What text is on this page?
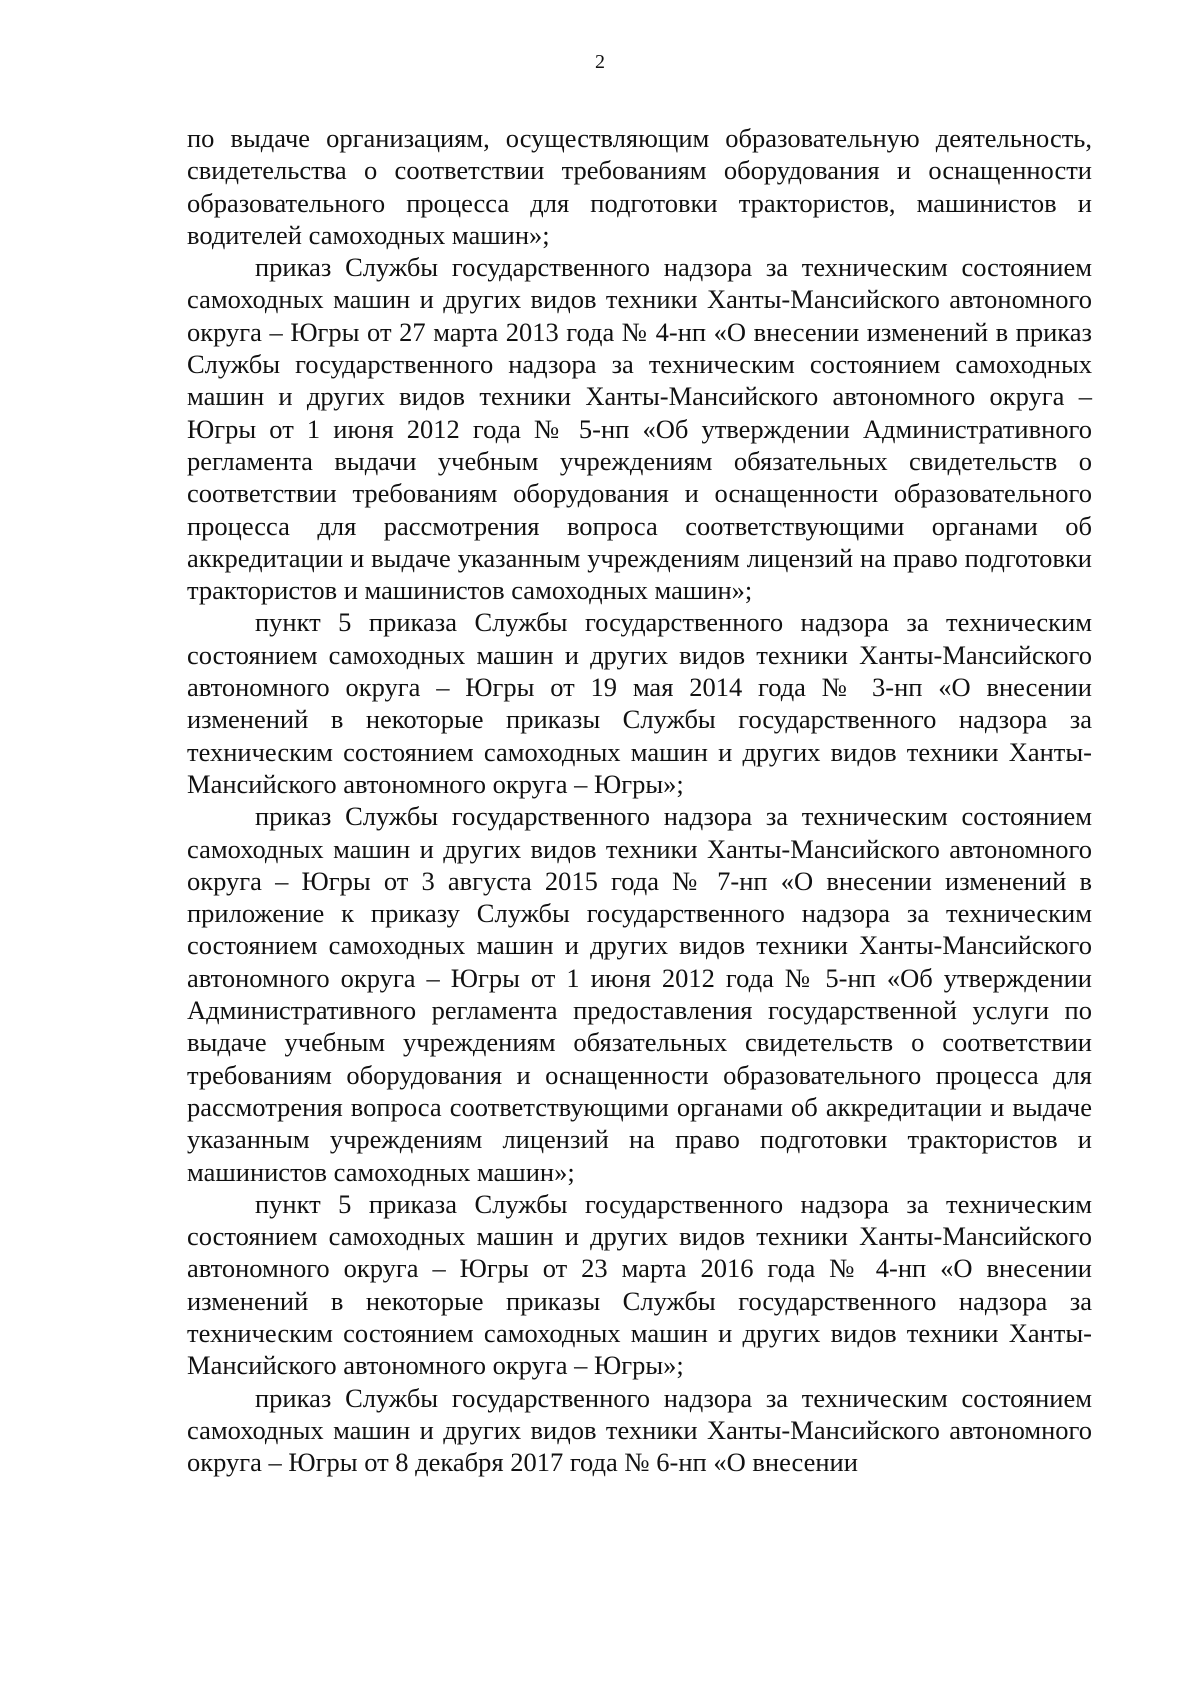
2

по выдаче организациям, осуществляющим образовательную деятельность, свидетельства о соответствии требованиям оборудования и оснащенности образовательного процесса для подготовки трактористов, машинистов и водителей самоходных машин»;

приказ Службы государственного надзора за техническим состоянием самоходных машин и других видов техники Ханты-Мансийского автономного округа – Югры от 27 марта 2013 года № 4-нп «О внесении изменений в приказ Службы государственного надзора за техническим состоянием самоходных машин и других видов техники Ханты-Мансийского автономного округа – Югры от 1 июня 2012 года № 5-нп «Об утверждении Административного регламента выдачи учебным учреждениям обязательных свидетельств о соответствии требованиям оборудования и оснащенности образовательного процесса для рассмотрения вопроса соответствующими органами об аккредитации и выдаче указанным учреждениям лицензий на право подготовки трактористов и машинистов самоходных машин»;

пункт 5 приказа Службы государственного надзора за техническим состоянием самоходных машин и других видов техники Ханты-Мансийского автономного округа – Югры от 19 мая 2014 года № 3-нп «О внесении изменений в некоторые приказы Службы государственного надзора за техническим состоянием самоходных машин и других видов техники Ханты-Мансийского автономного округа – Югры»;

приказ Службы государственного надзора за техническим состоянием самоходных машин и других видов техники Ханты-Мансийского автономного округа – Югры от 3 августа 2015 года № 7-нп «О внесении изменений в приложение к приказу Службы государственного надзора за техническим состоянием самоходных машин и других видов техники Ханты-Мансийского автономного округа – Югры от 1 июня 2012 года № 5-нп «Об утверждении Административного регламента предоставления государственной услуги по выдаче учебным учреждениям обязательных свидетельств о соответствии требованиям оборудования и оснащенности образовательного процесса для рассмотрения вопроса соответствующими органами об аккредитации и выдаче указанным учреждениям лицензий на право подготовки трактористов и машинистов самоходных машин»;

пункт 5 приказа Службы государственного надзора за техническим состоянием самоходных машин и других видов техники Ханты-Мансийского автономного округа – Югры от 23 марта 2016 года № 4-нп «О внесении изменений в некоторые приказы Службы государственного надзора за техническим состоянием самоходных машин и других видов техники Ханты-Мансийского автономного округа – Югры»;

приказ Службы государственного надзора за техническим состоянием самоходных машин и других видов техники Ханты-Мансийского автономного округа – Югры от 8 декабря 2017 года № 6-нп «О внесении
